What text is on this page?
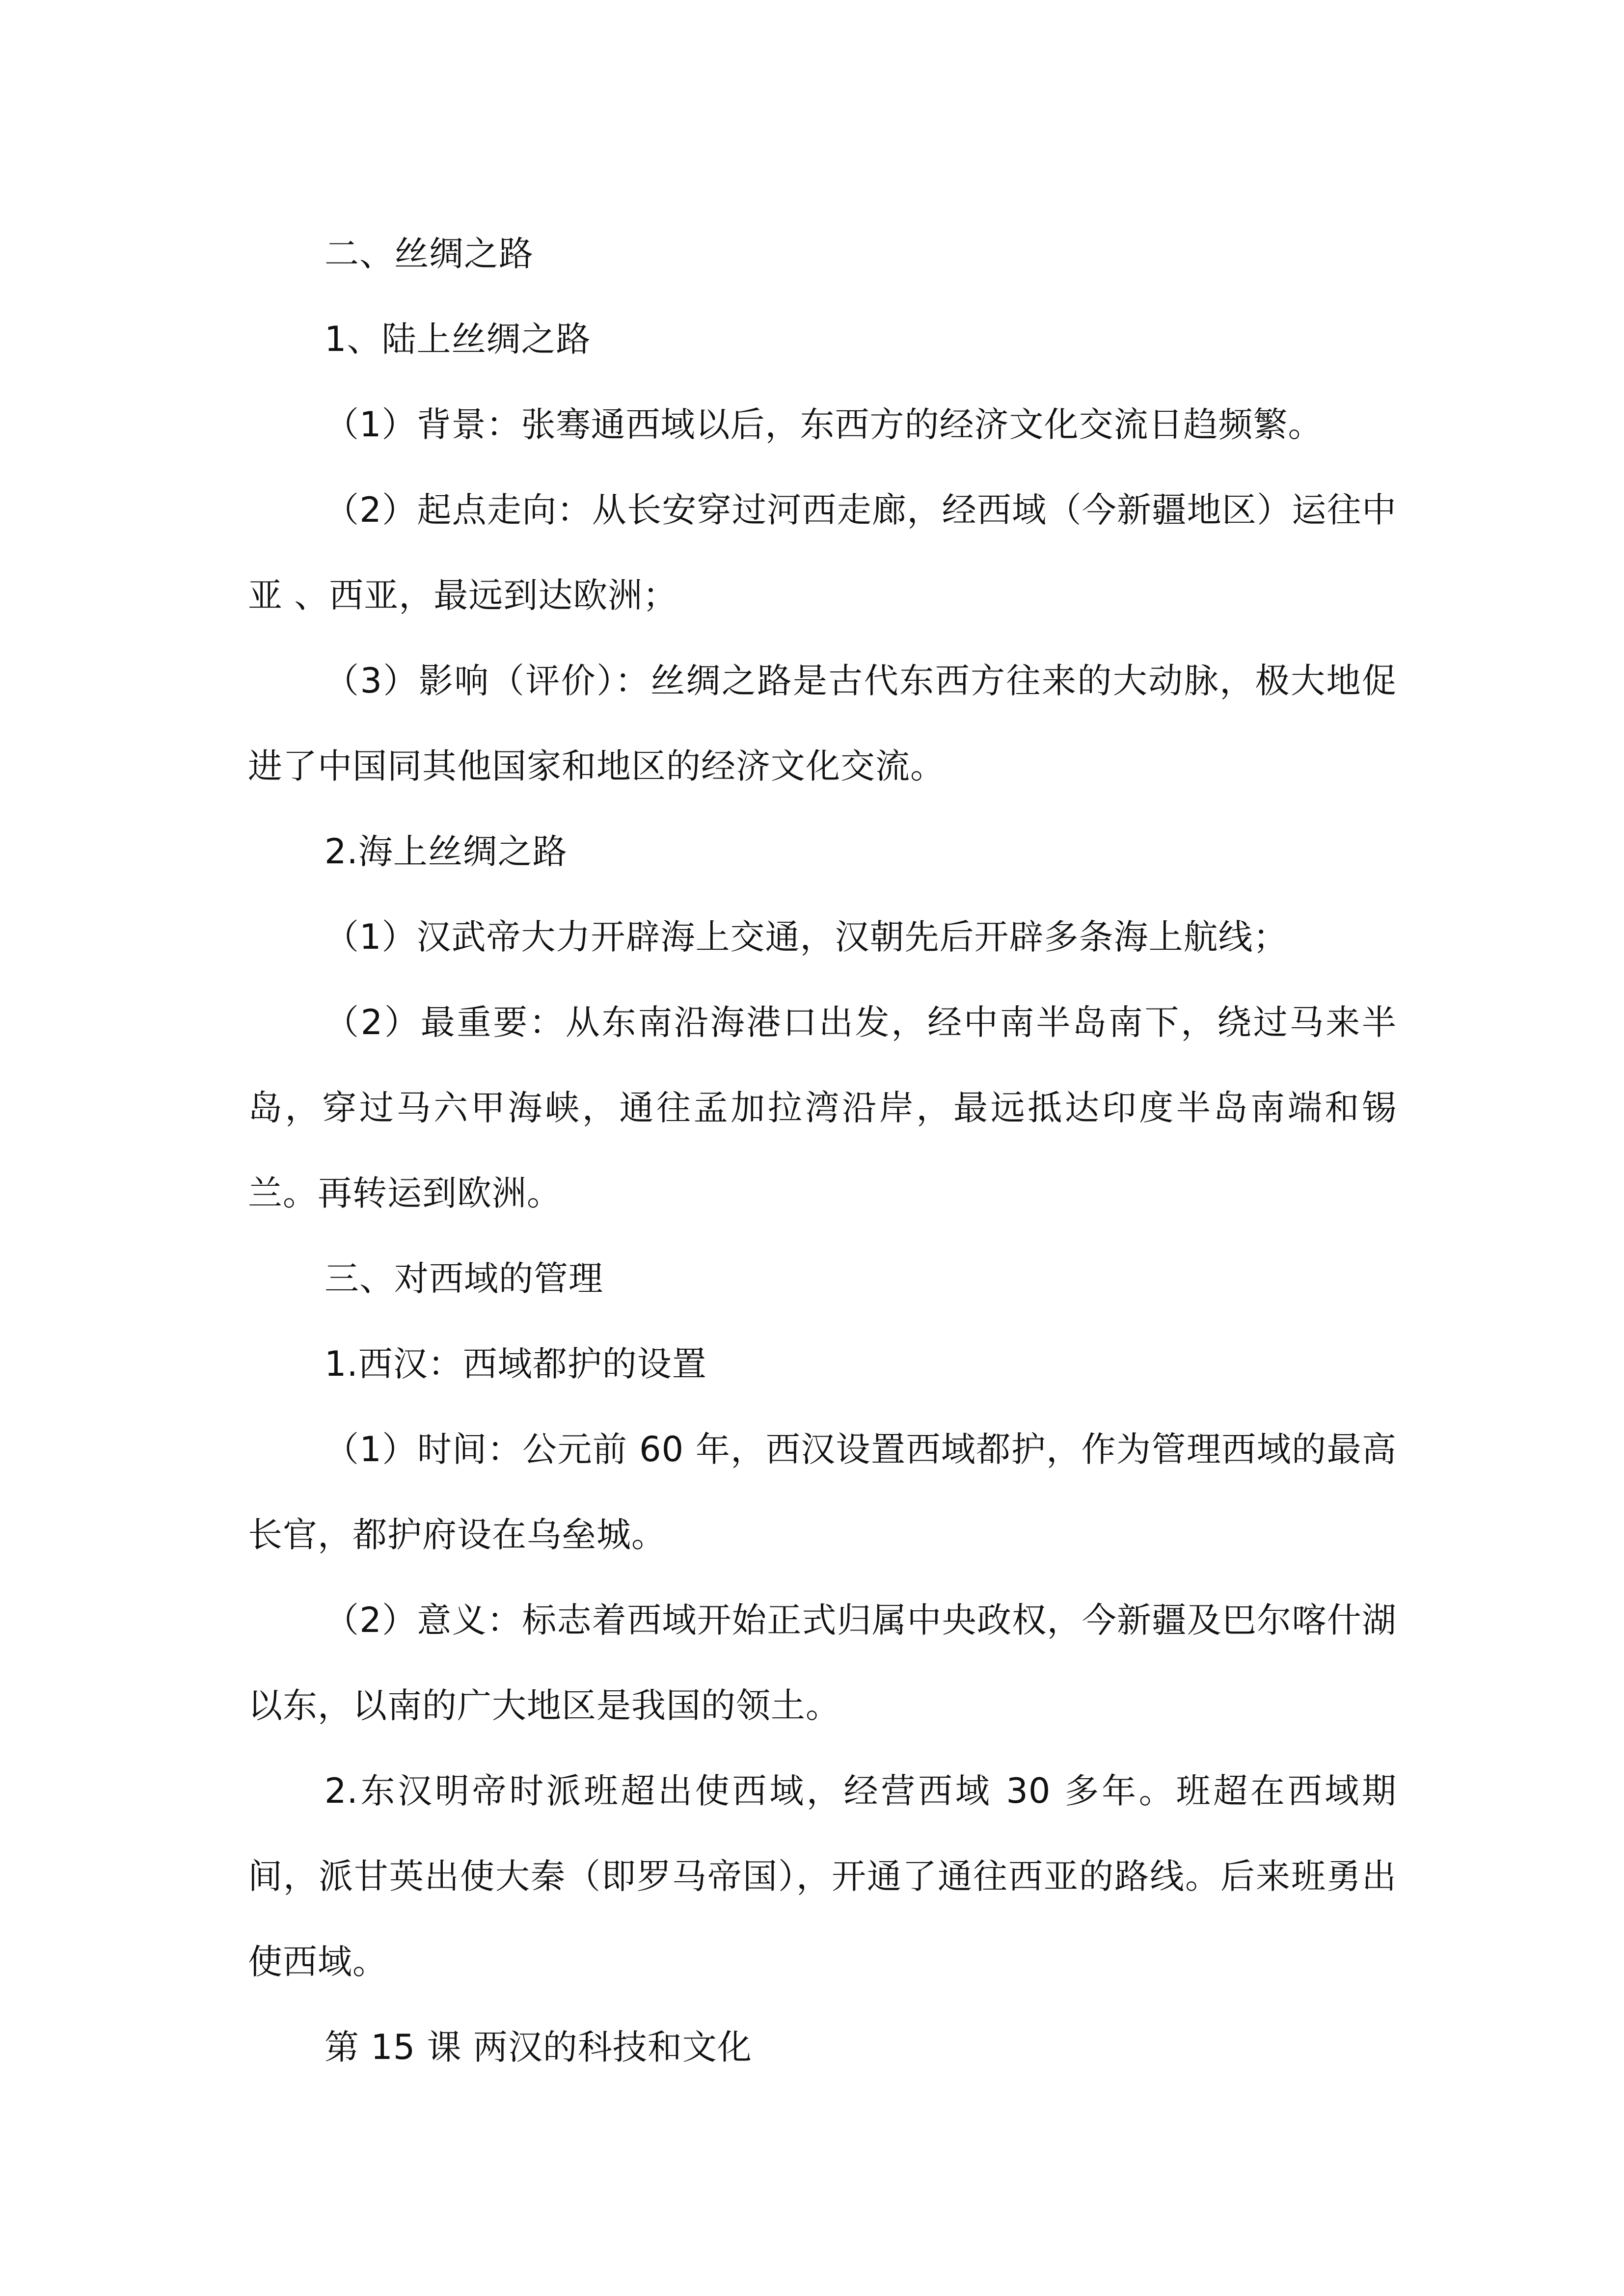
二、丝绸之路

1、陆上丝绸之路

（1）背景：张骞通西域以后，东西方的经济文化交流日趋频繁。

（2）起点走向：从长安穿过河西走廊，经西域（今新疆地区）运往中亚 、西亚，最远到达欧洲；

（3）影响（评价）：丝绸之路是古代东西方往来的大动脉，极大地促进了中国同其他国家和地区的经济文化交流。

2.海上丝绸之路

（1）汉武帝大力开辟海上交通，汉朝先后开辟多条海上航线；

（2）最重要：从东南沿海港口出发，经中南半岛南下，绕过马来半岛，穿过马六甲海峡，通往孟加拉湾沿岸，最远抵达印度半岛南端和锡兰。再转运到欧洲。

三、对西域的管理

1.西汉：西域都护的设置

（1）时间：公元前 60 年，西汉设置西域都护，作为管理西域的最高长官，都护府设在乌垒城。

（2）意义：标志着西域开始正式归属中央政权，今新疆及巴尔喀什湖以东，以南的广大地区是我国的领土。

2.东汉明帝时派班超出使西域，经营西域 30 多年。班超在西域期间，派甘英出使大秦（即罗马帝国），开通了通往西亚的路线。后来班勇出使西域。

第 15 课 两汉的科技和文化
